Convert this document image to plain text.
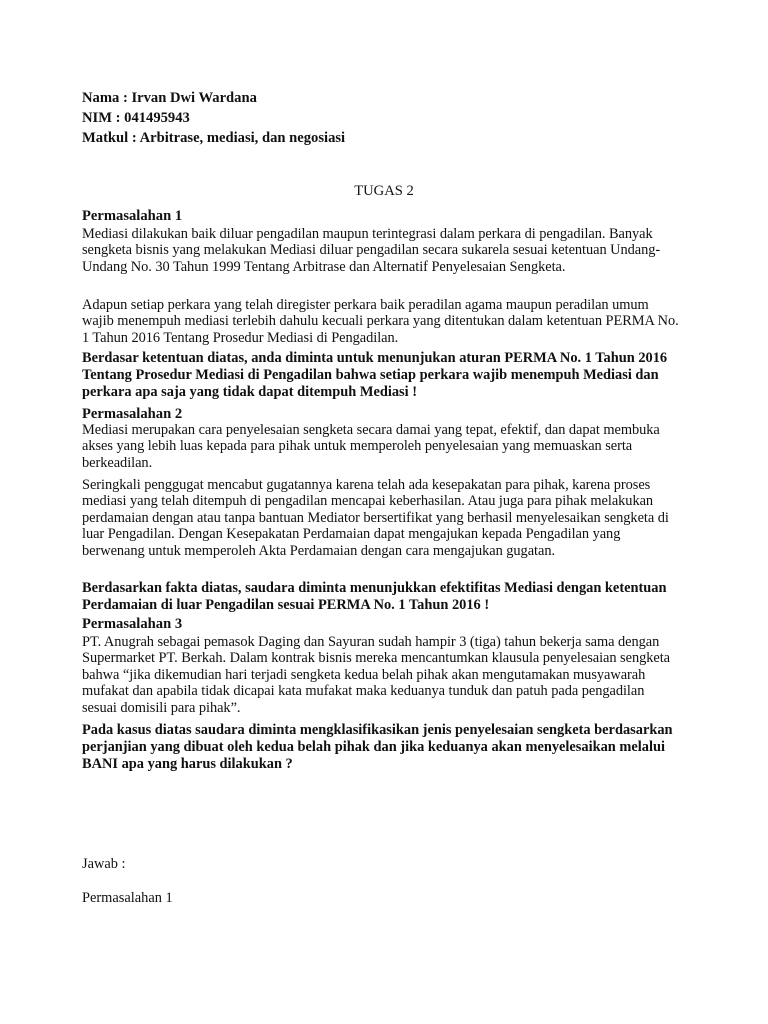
Nama : Irvan Dwi Wardana

NIM : 041495943

Matkul : Arbitrase, mediasi, dan negosiasi

TUGAS 2

Permasalahan 1

Mediasi dilakukan baik diluar pengadilan maupun terintegrasi dalam perkara di pengadilan. Banyak sengketa bisnis yang melakukan Mediasi diluar pengadilan secara sukarela sesuai ketentuan Undang-Undang No. 30 Tahun 1999 Tentang Arbitrase dan Alternatif Penyelesaian Sengketa.

Adapun setiap perkara yang telah diregister perkara baik peradilan agama maupun peradilan umum wajib menempuh mediasi terlebih dahulu kecuali perkara yang ditentukan dalam ketentuan PERMA No. 1 Tahun 2016 Tentang Prosedur Mediasi di Pengadilan.

Berdasar ketentuan diatas, anda diminta untuk menunjukan aturan PERMA No. 1 Tahun 2016 Tentang Prosedur Mediasi di Pengadilan bahwa setiap perkara wajib menempuh Mediasi dan perkara apa saja yang tidak dapat ditempuh Mediasi !

Permasalahan 2

Mediasi merupakan cara penyelesaian sengketa secara damai yang tepat, efektif, dan dapat membuka akses yang lebih luas kepada para pihak untuk memperoleh penyelesaian yang memuaskan serta berkeadilan.

Seringkali penggugat mencabut gugatannya karena telah ada kesepakatan para pihak, karena proses mediasi yang telah ditempuh di pengadilan mencapai keberhasilan. Atau juga para pihak melakukan perdamaian dengan atau tanpa bantuan Mediator bersertifikat yang berhasil menyelesaikan sengketa di luar Pengadilan. Dengan Kesepakatan Perdamaian dapat mengajukan kepada Pengadilan yang berwenang untuk memperoleh Akta Perdamaian dengan cara mengajukan gugatan.

Berdasarkan fakta diatas, saudara diminta menunjukkan efektifitas Mediasi dengan ketentuan Perdamaian di luar Pengadilan sesuai PERMA No. 1 Tahun 2016 !

Permasalahan 3

PT. Anugrah sebagai pemasok Daging dan Sayuran sudah hampir 3 (tiga) tahun bekerja sama dengan Supermarket PT. Berkah. Dalam kontrak bisnis mereka mencantumkan klausula penyelesaian sengketa bahwa “jika dikemudian hari terjadi sengketa kedua belah pihak akan mengutamakan musyawarah mufakat dan apabila tidak dicapai kata mufakat maka keduanya tunduk dan patuh pada pengadilan sesuai domisili para pihak”.

Pada kasus diatas saudara diminta mengklasifikasikan jenis penyelesaian sengketa berdasarkan perjanjian yang dibuat oleh kedua belah pihak dan jika keduanya akan menyelesaikan melalui BANI apa yang harus dilakukan ?

Jawab :

Permasalahan 1
